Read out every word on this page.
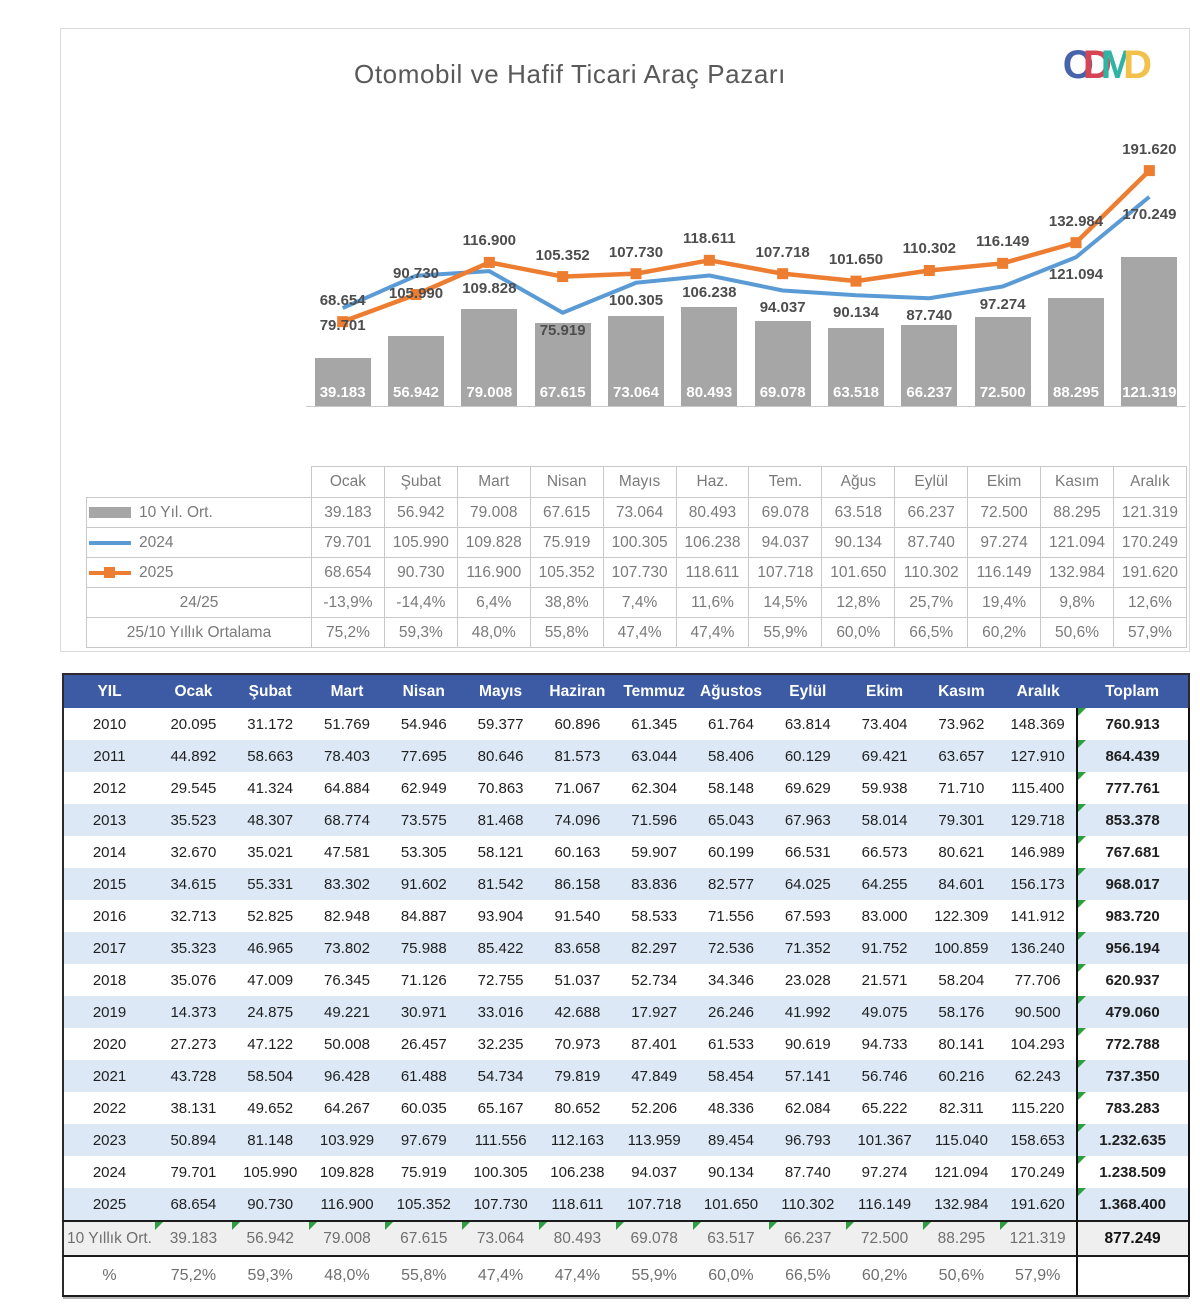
Otomobil ve Hafif Ticari Araç Pazarı	ODMD
39.183	56.942	79.008	67.615	73.064	80.493	69.078	63.518	66.237	72.500	88.295	121.319
79.701
105.990	109.828
75.919
100.305	106.238
94.037	90.134	87.740
97.274
121.094
170.249
68.654
90.730
116.900
105.352	107.730
118.611
107.718	101.650
110.302	116.149
132.984
191.620
	Ocak	Şubat	Mart	Nisan	Mayıs	Haz.	Tem.	Ağus	Eylül	Ekim	Kasım	Aralık

10 Yıl. Ort.	39.183	56.942	79.008	67.615	73.064	80.493	69.078	63.518	66.237	72.500	88.295	121.319

2024	79.701	105.990	109.828	75.919	100.305	106.238	94.037	90.134	87.740	97.274	121.094	170.249

2025	68.654	90.730	116.900	105.352	107.730	118.611	107.718	101.650	110.302	116.149	132.984	191.620

24/25	-13,9%	-14,4%	6,4%	38,8%	7,4%	11,6%	14,5%	12,8%	25,7%	19,4%	9,8%	12,6%

25/10 Yıllık Ortalama	75,2%	59,3%	48,0%	55,8%	47,4%	47,4%	55,9%	60,0%	66,5%	60,2%	50,6%	57,9%
YIL	Ocak	Şubat	Mart	Nisan	Mayıs	Haziran	Temmuz	Ağustos	Eylül	Ekim	Kasım	Aralık	Toplam
2010	20.095	31.172	51.769	54.946	59.377	60.896	61.345	61.764	63.814	73.404	73.962	148.369	760.913
2011	44.892	58.663	78.403	77.695	80.646	81.573	63.044	58.406	60.129	69.421	63.657	127.910	864.439
2012	29.545	41.324	64.884	62.949	70.863	71.067	62.304	58.148	69.629	59.938	71.710	115.400	777.761
2013	35.523	48.307	68.774	73.575	81.468	74.096	71.596	65.043	67.963	58.014	79.301	129.718	853.378
2014	32.670	35.021	47.581	53.305	58.121	60.163	59.907	60.199	66.531	66.573	80.621	146.989	767.681
2015	34.615	55.331	83.302	91.602	81.542	86.158	83.836	82.577	64.025	64.255	84.601	156.173	968.017
2016	32.713	52.825	82.948	84.887	93.904	91.540	58.533	71.556	67.593	83.000	122.309	141.912	983.720
2017	35.323	46.965	73.802	75.988	85.422	83.658	82.297	72.536	71.352	91.752	100.859	136.240	956.194
2018	35.076	47.009	76.345	71.126	72.755	51.037	52.734	34.346	23.028	21.571	58.204	77.706	620.937
2019	14.373	24.875	49.221	30.971	33.016	42.688	17.927	26.246	41.992	49.075	58.176	90.500	479.060
2020	27.273	47.122	50.008	26.457	32.235	70.973	87.401	61.533	90.619	94.733	80.141	104.293	772.788
2021	43.728	58.504	96.428	61.488	54.734	79.819	47.849	58.454	57.141	56.746	60.216	62.243	737.350
2022	38.131	49.652	64.267	60.035	65.167	80.652	52.206	48.336	62.084	65.222	82.311	115.220	783.283
2023	50.894	81.148	103.929	97.679	111.556	112.163	113.959	89.454	96.793	101.367	115.040	158.653	1.232.635
2024	79.701	105.990	109.828	75.919	100.305	106.238	94.037	90.134	87.740	97.274	121.094	170.249	1.238.509
2025	68.654	90.730	116.900	105.352	107.730	118.611	107.718	101.650	110.302	116.149	132.984	191.620	1.368.400
10 Yıllık Ort.	39.183	56.942	79.008	67.615	73.064	80.493	69.078	63.517	66.237	72.500	88.295	121.319	877.249
%	75,2%	59,3%	48,0%	55,8%	47,4%	47,4%	55,9%	60,0%	66,5%	60,2%	50,6%	57,9%	
